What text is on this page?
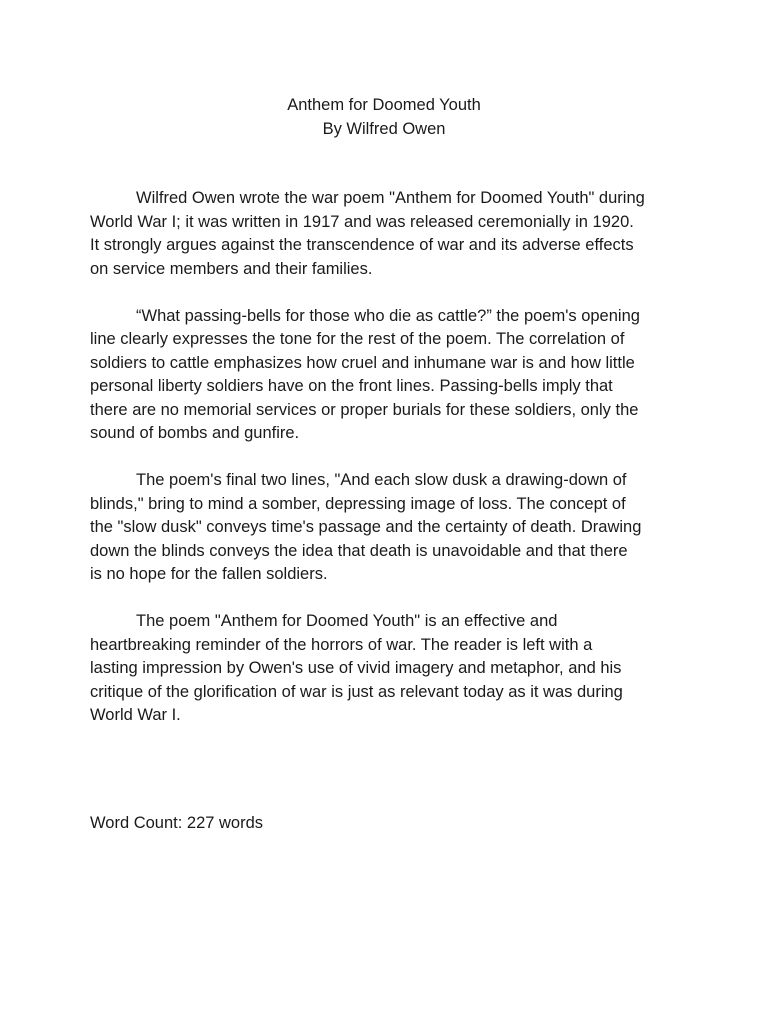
Anthem for Doomed Youth
By Wilfred Owen
Wilfred Owen wrote the war poem "Anthem for Doomed Youth" during
World War I; it was written in 1917 and was released ceremonially in 1920.
It strongly argues against the transcendence of war and its adverse effects
on service members and their families.
“What passing-bells for those who die as cattle?” the poem's opening
line clearly expresses the tone for the rest of the poem. The correlation of
soldiers to cattle emphasizes how cruel and inhumane war is and how little
personal liberty soldiers have on the front lines. Passing-bells imply that
there are no memorial services or proper burials for these soldiers, only the
sound of bombs and gunfire.
The poem's final two lines, "And each slow dusk a drawing-down of
blinds," bring to mind a somber, depressing image of loss. The concept of
the "slow dusk" conveys time's passage and the certainty of death. Drawing
down the blinds conveys the idea that death is unavoidable and that there
is no hope for the fallen soldiers.
The poem "Anthem for Doomed Youth" is an effective and
heartbreaking reminder of the horrors of war. The reader is left with a
lasting impression by Owen's use of vivid imagery and metaphor, and his
critique of the glorification of war is just as relevant today as it was during
World War I.
Word Count: 227 words
